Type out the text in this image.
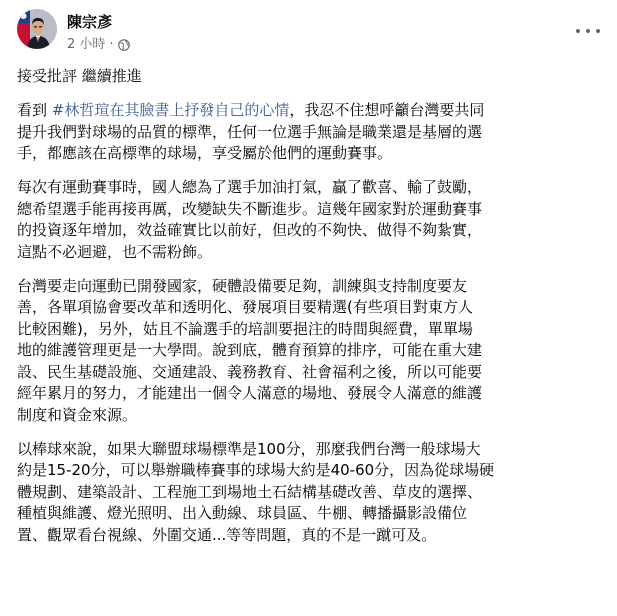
陳宗彥
2 小時 ·

接受批評 繼續推進

看到 #林哲瑄在其臉書上抒發自己的心情，我忍不住想呼籲台灣要共同
提升我們對球場的品質的標準，任何一位選手無論是職業還是基層的選
手，都應該在高標準的球場，享受屬於他們的運動賽事。

每次有運動賽事時，國人總為了選手加油打氣，贏了歡喜、輸了鼓勵，
總希望選手能再接再厲，改變缺失不斷進步。這幾年國家對於運動賽事
的投資逐年增加，效益確實比以前好，但改的不夠快、做得不夠紮實，
這點不必迴避，也不需粉飾。

台灣要走向運動已開發國家，硬體設備要足夠，訓練與支持制度要友
善，各單項協會要改革和透明化、發展項目要精選(有些項目對東方人
比較困難)，另外，姑且不論選手的培訓要挹注的時間與經費，單單場
地的維護管理更是一大學問。說到底，體育預算的排序，可能在重大建
設、民生基礎設施、交通建設、義務教育、社會福利之後，所以可能要
經年累月的努力，才能建出一個令人滿意的場地、發展令人滿意的維護
制度和資金來源。

以棒球來說，如果大聯盟球場標準是100分，那麼我們台灣一般球場大
約是15-20分，可以舉辦職棒賽事的球場大約是40-60分，因為從球場硬
體規劃、建築設計、工程施工到場地土石結構基礎改善、草皮的選擇、
種植與維護、燈光照明、出入動線、球員區、牛棚、轉播攝影設備位
置、觀眾看台視線、外圍交通...等等問題，真的不是一蹴可及。
